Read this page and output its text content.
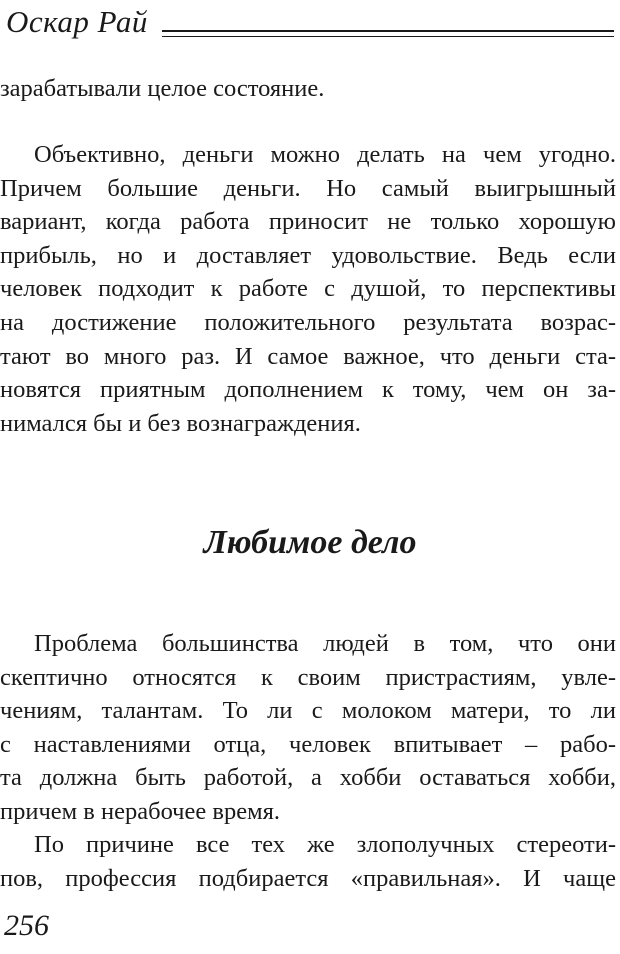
Оскар Рай
зарабатывали целое состояние.
Объективно, деньги можно делать на чем угодно.
Причем большие деньги. Но самый выигрышный
вариант, когда работа приносит не только хорошую
прибыль, но и доставляет удовольствие. Ведь если
человек подходит к работе с душой, то перспективы
на достижение положительного результата возрас-
тают во много раз. И самое важное, что деньги ста-
новятся приятным дополнением к тому, чем он за-
нимался бы и без вознаграждения.
Любимое дело
Проблема большинства людей в том, что они
скептично относятся к своим пристрастиям, увле-
чениям, талантам. То ли с молоком матери, то ли
с наставлениями отца, человек впитывает – рабо-
та должна быть работой, а хобби оставаться хобби,
причем в нерабочее время.
По причине все тех же злополучных стереоти-
пов, профессия подбирается «правильная». И чаще
256
